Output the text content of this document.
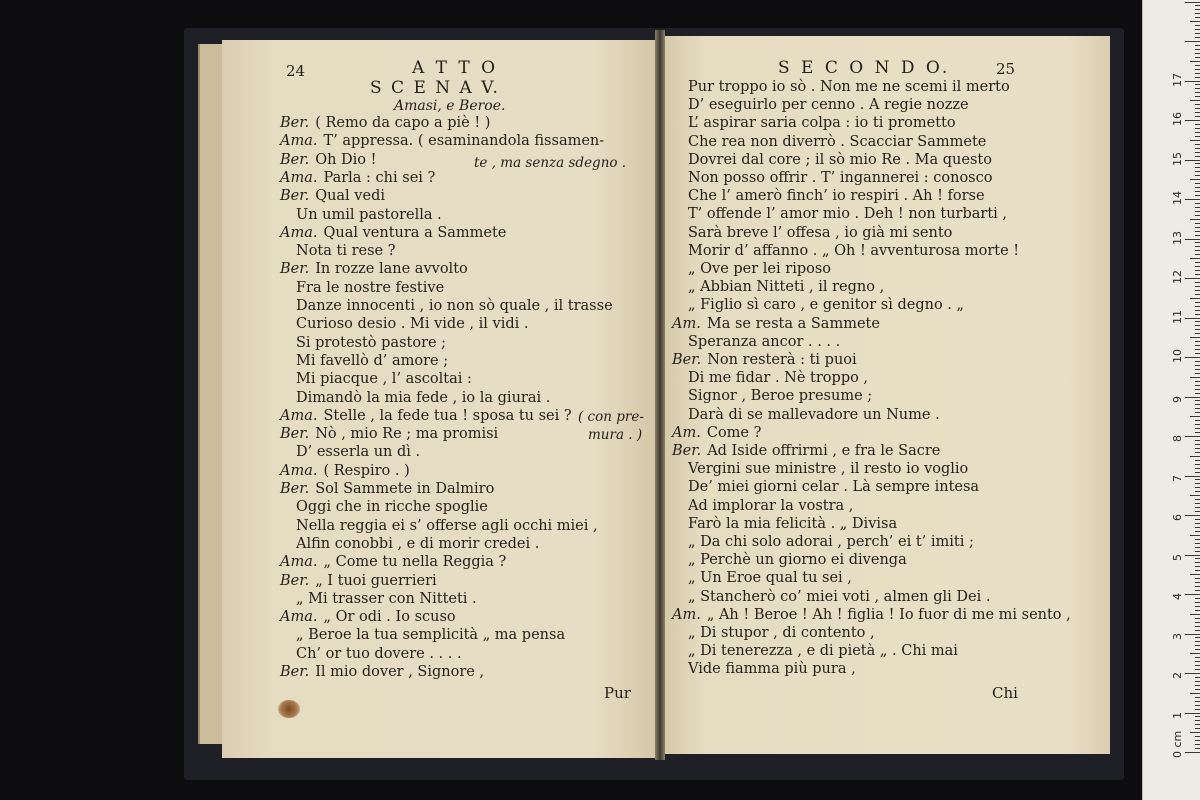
24	A T T O
S C E N A V.
Amasi, e Beroe.
Ber. ( Remo da capo a piè ! )
Ama. T’ appressa. ( esaminandola fissamen-
Ber. Oh Dio !
Ama. Parla : chi sei ?
Ber. Qual vedi
Un umil pastorella .
Ama. Qual ventura a Sammete
Nota ti rese ?
Ber. In rozze lane avvolto
Fra le nostre festive
Danze innocenti , io non sò quale , il trasse
Curioso desio . Mi vide , il vidi .
Si protestò pastore ;
Mi favellò d’ amore ;
Mi piacque , l’ ascoltai :
Dimandò la mia fede , io la giurai .
Ama. Stelle , la fede tua ! sposa tu sei ?
Ber. Nò , mio Re ; ma promisi
D’ esserla un dì .
Ama. ( Respiro . )
Ber. Sol Sammete in Dalmiro
Oggi che in ricche spoglie
Nella reggia ei s’ offerse agli occhi miei ,
Alfin conobbi , e di morir credei .
Ama. „ Come tu nella Reggia ?
Ber. „ I tuoi guerrieri
„ Mi trasser con Nitteti .
Ama. „ Or odi . Io scuso
„ Beroe la tua semplicità „ ma pensa
Ch’ or tuo dovere . . . .
Ber. Il mio dover , Signore ,
te , ma senza sdegno .
( con pre-
mura . )
Pur
S E C O N D O.	25
Pur troppo io sò . Non me ne scemi il merto
D’ eseguirlo per cenno . A regie nozze
L’ aspirar saria colpa : io ti prometto
Che rea non diverrò . Scacciar Sammete
Dovrei dal core ; il sò mio Re . Ma questo
Non posso offrir . T’ ingannerei : conosco
Che l’ amerò finch’ io respiri . Ah ! forse
T’ offende l’ amor mio . Deh ! non turbarti ,
Sarà breve l’ offesa , io già mi sento
Morir d’ affanno . „ Oh ! avventurosa morte !
„ Ove per lei riposo
„ Abbian Nitteti , il regno ,
„ Figlio sì caro , e genitor sì degno . „
Am. Ma se resta a Sammete
Speranza ancor . . . .
Ber. Non resterà : ti puoi
Di me fidar . Nè troppo ,
Signor , Beroe presume ;
Darà di se mallevadore un Nume .
Am. Come ?
Ber. Ad Iside offrirmi , e fra le Sacre
Vergini sue ministre , il resto io voglio
De’ miei giorni celar . Là sempre intesa
Ad implorar la vostra ,
Farò la mia felicità . „ Divisa
„ Da chi solo adorai , perch’ ei t’ imiti ;
„ Perchè un giorno ei divenga
„ Un Eroe qual tu sei ,
„ Stancherò co’ miei voti , almen gli Dei .
Am. „ Ah ! Beroe ! Ah ! figlia ! Io fuor di me mi sento ,
„ Di stupor , di contento ,
„ Di tenerezza , e di pietà „ . Chi mai
Vide fiamma più pura ,
Chi
0 cm
1
2
3
4
5
6
7
8
9
10
11
12
13
14
15
16
17
